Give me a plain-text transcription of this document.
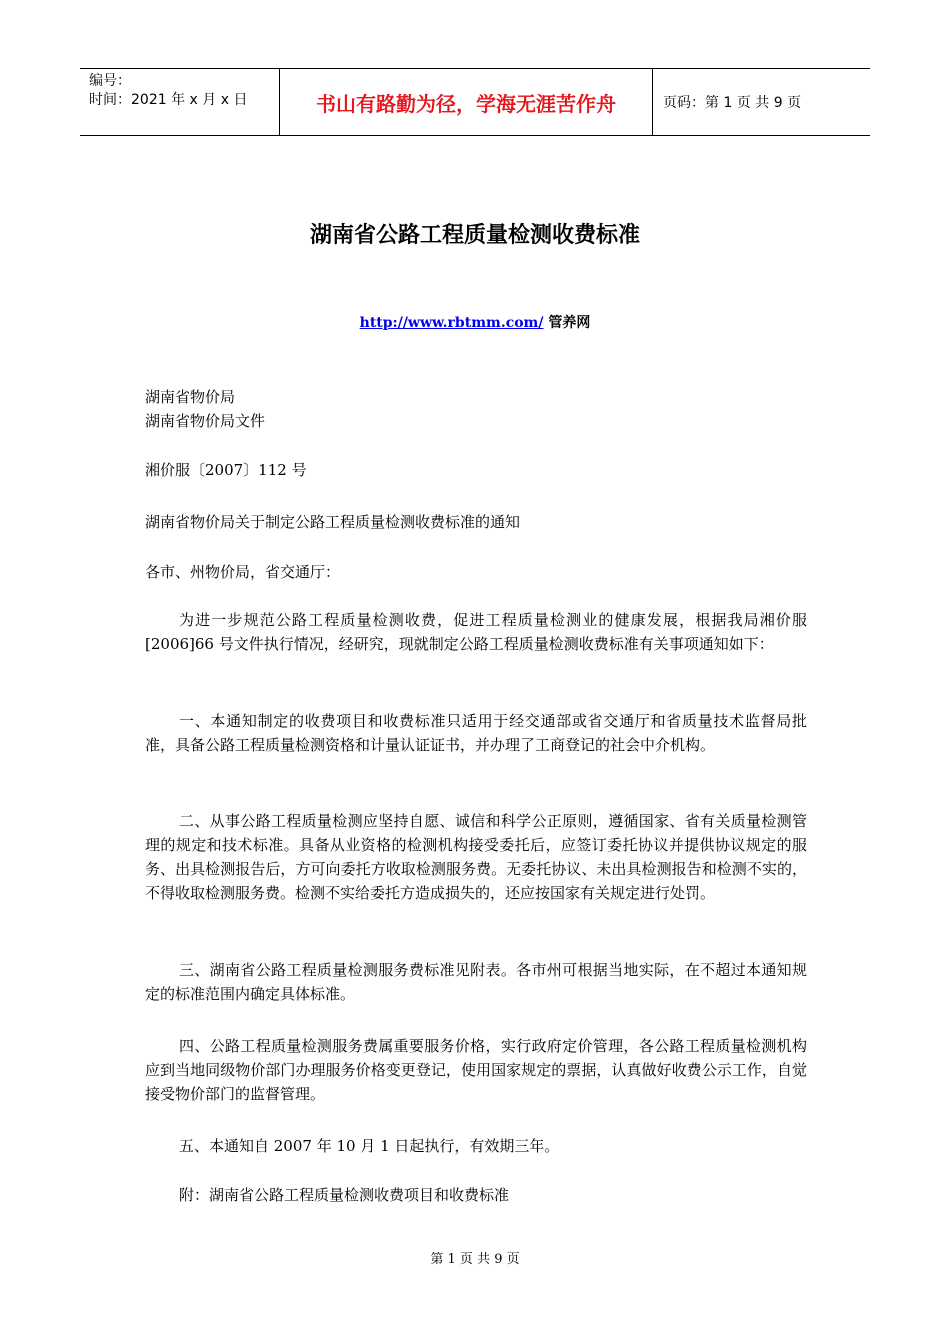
编号：
时间：2021 年 x 月 x 日	书山有路勤为径，学海无涯苦作舟	页码：第 1 页 共 9 页
湖南省公路工程质量检测收费标准
http://www.rbtmm.com/ 管养网

湖南省物价局

湖南省物价局文件

湘价服〔2007〕112 号

湖南省物价局关于制定公路工程质量检测收费标准的通知

各市、州物价局，省交通厅：

为进一步规范公路工程质量检测收费，促进工程质量检测业的健康发展，根据我局湘价服[2006]66 号文件执行情况，经研究，现就制定公路工程质量检测收费标准有关事项通知如下：

一、本通知制定的收费项目和收费标准只适用于经交通部或省交通厅和省质量技术监督局批准，具备公路工程质量检测资格和计量认证证书，并办理了工商登记的社会中介机构。

二、从事公路工程质量检测应坚持自愿、诚信和科学公正原则，遵循国家、省有关质量检测管理的规定和技术标准。具备从业资格的检测机构接受委托后，应签订委托协议并提供协议规定的服务、出具检测报告后，方可向委托方收取检测服务费。无委托协议、未出具检测报告和检测不实的，不得收取检测服务费。检测不实给委托方造成损失的，还应按国家有关规定进行处罚。

三、湖南省公路工程质量检测服务费标准见附表。各市州可根据当地实际，在不超过本通知规定的标准范围内确定具体标准。

四、公路工程质量检测服务费属重要服务价格，实行政府定价管理，各公路工程质量检测机构应到当地同级物价部门办理服务价格变更登记，使用国家规定的票据，认真做好收费公示工作，自觉接受物价部门的监督管理。

五、本通知自 2007 年 10 月 1 日起执行，有效期三年。

附：湖南省公路工程质量检测收费项目和收费标准

第 1 页 共 9 页
